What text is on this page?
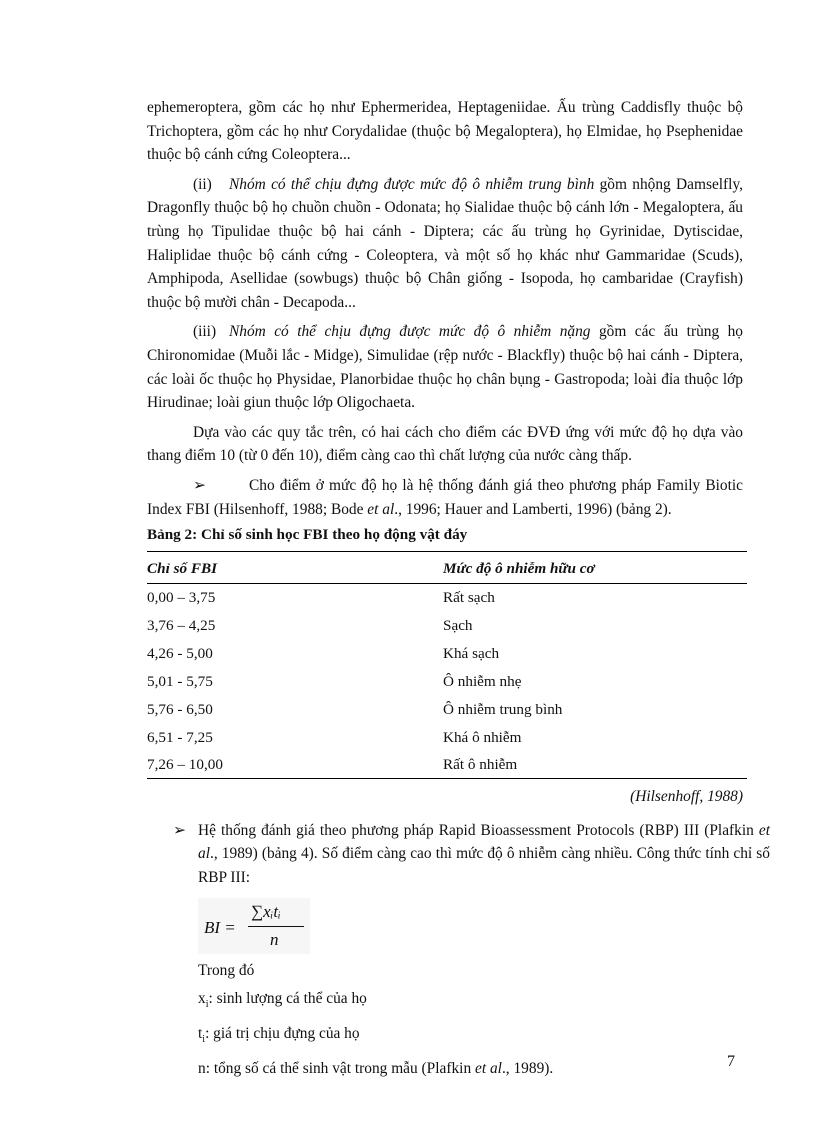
ephemeroptera, gồm các họ như Ephermeridea, Heptageniidae. Ấu trùng Caddisfly thuộc bộ Trichoptera, gồm các họ như Corydalidae (thuộc bộ Megaloptera), họ Elmidae, họ Psephenidae thuộc bộ cánh cứng Coleoptera...

(ii) Nhóm có thể chịu đựng được mức độ ô nhiễm trung bình gồm nhộng Damselfly, Dragonfly thuộc bộ họ chuồn chuồn - Odonata; họ Sialidae thuộc bộ cánh lớn - Megaloptera, ấu trùng họ Tipulidae thuộc bộ hai cánh - Diptera; các ấu trùng họ Gyrinidae, Dytiscidae, Haliplidae thuộc bộ cánh cứng - Coleoptera, và một số họ khác như Gammaridae (Scuds), Amphipoda, Asellidae (sowbugs) thuộc bộ Chân giống - Isopoda, họ cambaridae (Crayfish) thuộc bộ mười chân - Decapoda...

(iii) Nhóm có thể chịu đựng được mức độ ô nhiễm nặng gồm các ấu trùng họ Chironomidae (Muỗi lắc - Midge), Simulidae (rệp nước - Blackfly) thuộc bộ hai cánh - Diptera, các loài ốc thuộc họ Physidae, Planorbidae thuộc họ chân bụng - Gastropoda; loài đỉa thuộc lớp Hirudinae; loài giun thuộc lớp Oligochaeta.

Dựa vào các quy tắc trên, có hai cách cho điểm các ĐVĐ ứng với mức độ họ dựa vào thang điểm 10 (từ 0 đến 10), điểm càng cao thì chất lượng của nước càng thấp.

➢	Cho điểm ở mức độ họ là hệ thống đánh giá theo phương pháp Family Biotic Index FBI (Hilsenhoff, 1988; Bode et al., 1996; Hauer and Lamberti, 1996) (bảng 2).

Bảng 2: Chỉ số sinh học FBI theo họ động vật đáy
Chỉ số FBI	Mức độ ô nhiễm hữu cơ
0,00 – 3,75	Rất sạch
3,76 – 4,25	Sạch
4,26 - 5,00	Khá sạch
5,01 - 5,75	Ô nhiễm nhẹ
5,76 - 6,50	Ô nhiễm trung bình
6,51 - 7,25	Khá ô nhiễm
7,26 – 10,00	Rất ô nhiễm

(Hilsenhoff, 1988)

➢ Hệ thống đánh giá theo phương pháp Rapid Bioassessment Protocols (RBP) III (Plafkin et al., 1989) (bảng 4). Số điểm càng cao thì mức độ ô nhiễm càng nhiều. Công thức tính chỉ số RBP III:

BI =
∑xᵢtᵢ
n

Trong đó

$x_i$: sinh lượng cá thể của họ

$t_i$: giá trị chịu đựng của họ

n: tổng số cá thể sinh vật trong mẫu (Plafkin et al., 1989).	7
